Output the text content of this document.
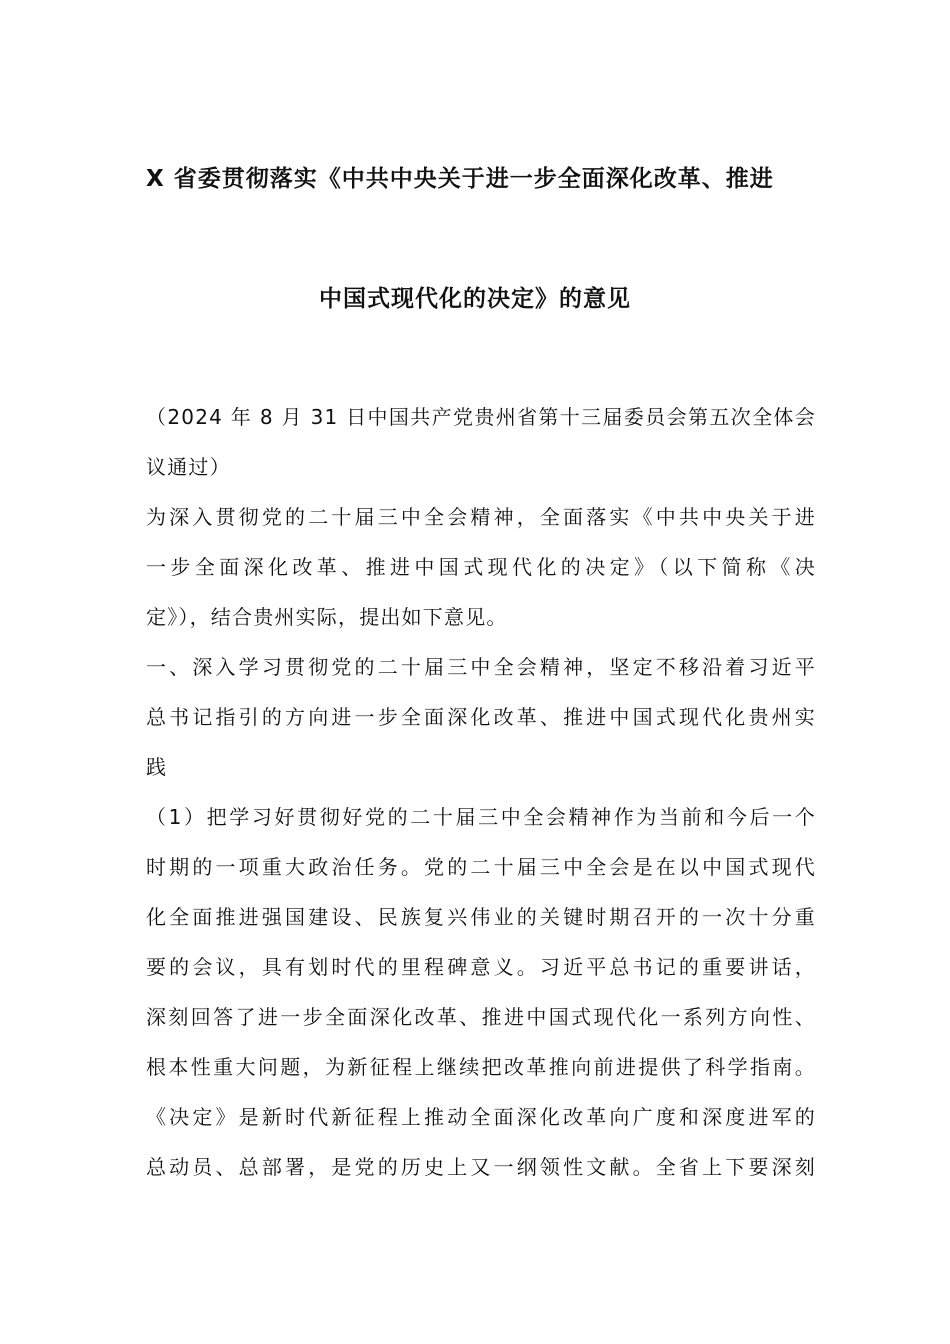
X 省委贯彻落实《中共中央关于进一步全面深化改革、推进
中国式现代化的决定》的意见
（2024 年 8 月 31 日中国共产党贵州省第十三届委员会第五次全体会
议通过）
为深入贯彻党的二十届三中全会精神，全面落实《中共中央关于进
一步全面深化改革、推进中国式现代化的决定》（以下简称《决
定》），结合贵州实际，提出如下意见。
一、深入学习贯彻党的二十届三中全会精神，坚定不移沿着习近平
总书记指引的方向进一步全面深化改革、推进中国式现代化贵州实
践
（1）把学习好贯彻好党的二十届三中全会精神作为当前和今后一个
时期的一项重大政治任务。党的二十届三中全会是在以中国式现代
化全面推进强国建设、民族复兴伟业的关键时期召开的一次十分重
要的会议，具有划时代的里程碑意义。习近平总书记的重要讲话，
深刻回答了进一步全面深化改革、推进中国式现代化一系列方向性、
根本性重大问题，为新征程上继续把改革推向前进提供了科学指南。
《决定》是新时代新征程上推动全面深化改革向广度和深度进军的
总动员、总部署，是党的历史上又一纲领性文献。全省上下要深刻
